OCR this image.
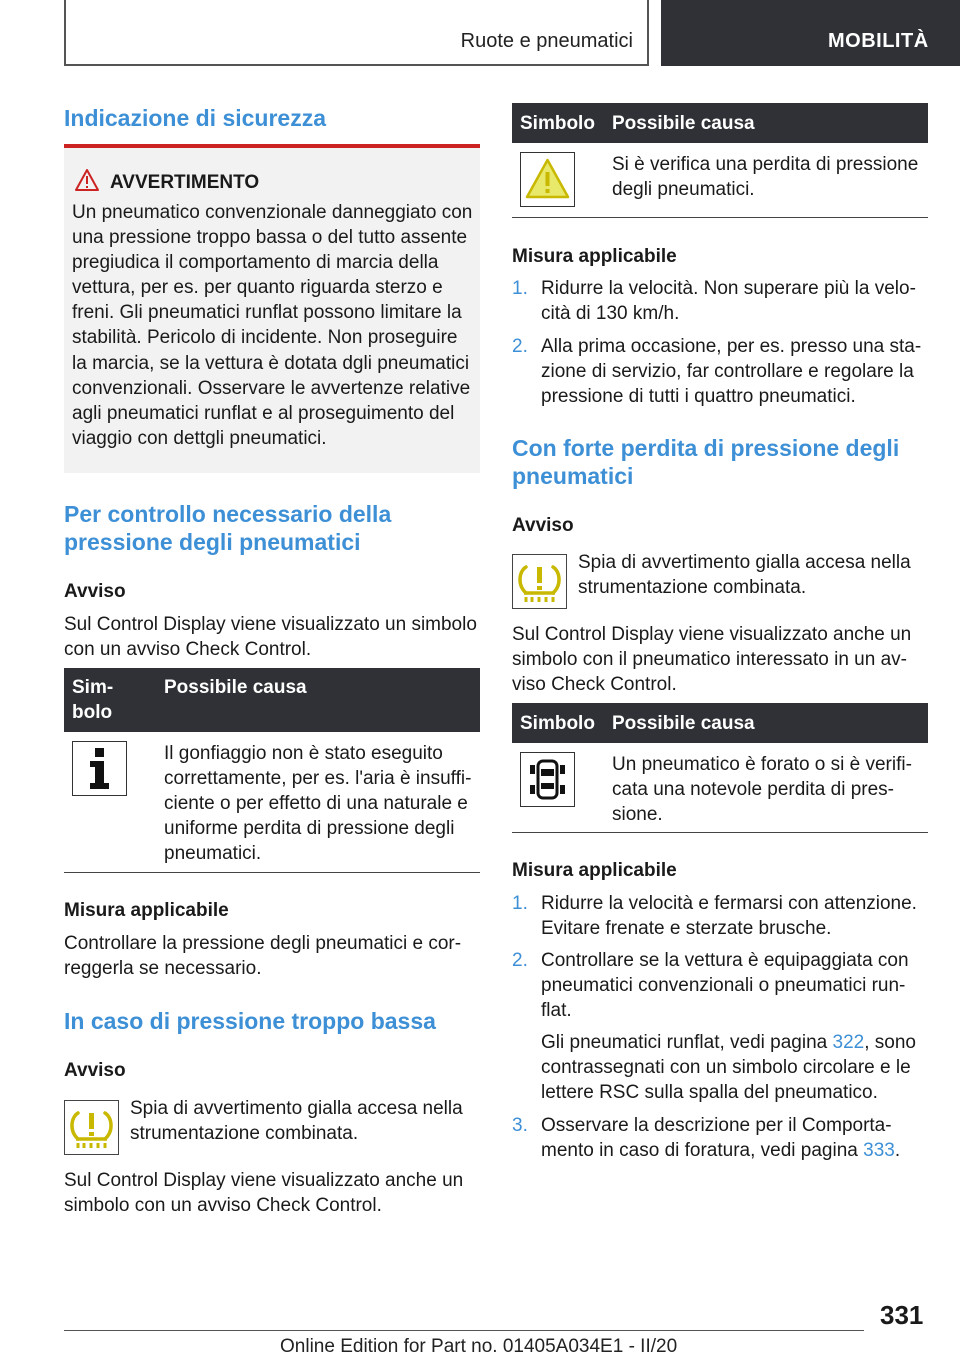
Ruote e pneumatici	MOBILITÀ
Indicazione di sicurezza
AVVERTIMENTO
Un pneumatico convenzionale danneggiato con una pressione troppo bassa o del tutto assente pregiudica il comportamento di marcia della vettura, per es. per quanto riguarda sterzo e freni. Gli pneumatici runflat possono limitare la stabilità. Pericolo di incidente. Non proseguire la marcia, se la vettura è dotata dgli pneumatici convenzionali. Osservare le avvertenze relative agli pneumatici runflat e al proseguimento del viaggio con dettgli pneumatici.
Per controllo necessario della
pressione degli pneumatici
Avviso
Sul Control Display viene visualizzato un simbolo con un avviso Check Control.
Sim-
bolo
Possibile causa
Il gonfiaggio non è stato eseguito correttamente, per es. l'aria è insuffi-ciente o per effetto di una naturale e uniforme perdita di pressione degli pneumatici.
Misura applicabile
Controllare la pressione degli pneumatici e cor-reggerla se necessario.
In caso di pressione troppo bassa
Avviso
Spia di avvertimento gialla accesa nella strumentazione combinata.
Sul Control Display viene visualizzato anche un simbolo con un avviso Check Control.
Simbolo Possibile causa
Si è verifica una perdita di pressione degli pneumatici.
Misura applicabile
1. Ridurre la velocità. Non superare più la velo-cità di 130 km/h.
2. Alla prima occasione, per es. presso una sta-zione di servizio, far controllare e regolare la pressione di tutti i quattro pneumatici.
Con forte perdita di pressione degli
pneumatici
Avviso
Spia di avvertimento gialla accesa nella strumentazione combinata.
Sul Control Display viene visualizzato anche un simbolo con il pneumatico interessato in un av-viso Check Control.
Simbolo Possibile causa
Un pneumatico è forato o si è verifi-cata una notevole perdita di pres-sione.
Misura applicabile
1. Ridurre la velocità e fermarsi con attenzione. Evitare frenate e sterzate brusche.
2. Controllare se la vettura è equipaggiata con pneumatici convenzionali o pneumatici run-flat.
Gli pneumatici runflat, vedi pagina 322, sono contrassegnati con un simbolo circolare e le lettere RSC sulla spalla del pneumatico.
3. Osservare la descrizione per il Comporta-mento in caso di foratura, vedi pagina 333.
331
Online Edition for Part no. 01405A034E1 - II/20
